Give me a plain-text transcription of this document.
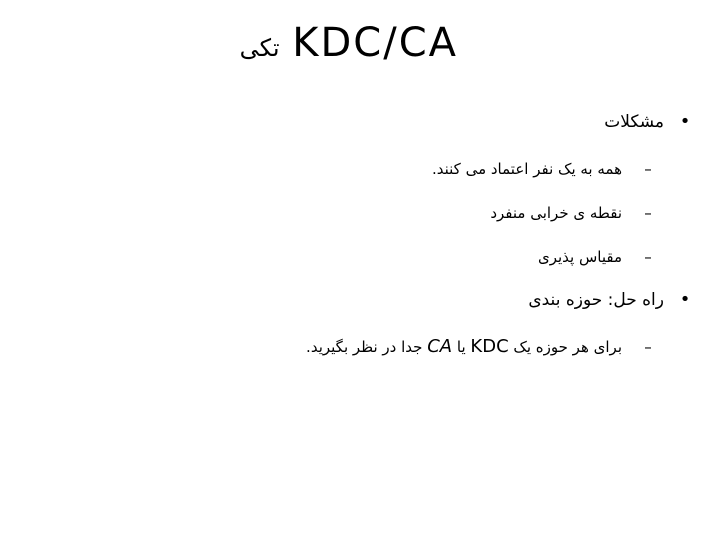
تکی KDC/CA
•مشکلات
–همه به یک نفر اعتماد می کنند.
–نقطه ی خرابی منفرد
–مقیاس پذیری
•راه حل: حوزه بندی
–برای هر حوزه یک KDC یا CA جدا در نظر بگیرید.
